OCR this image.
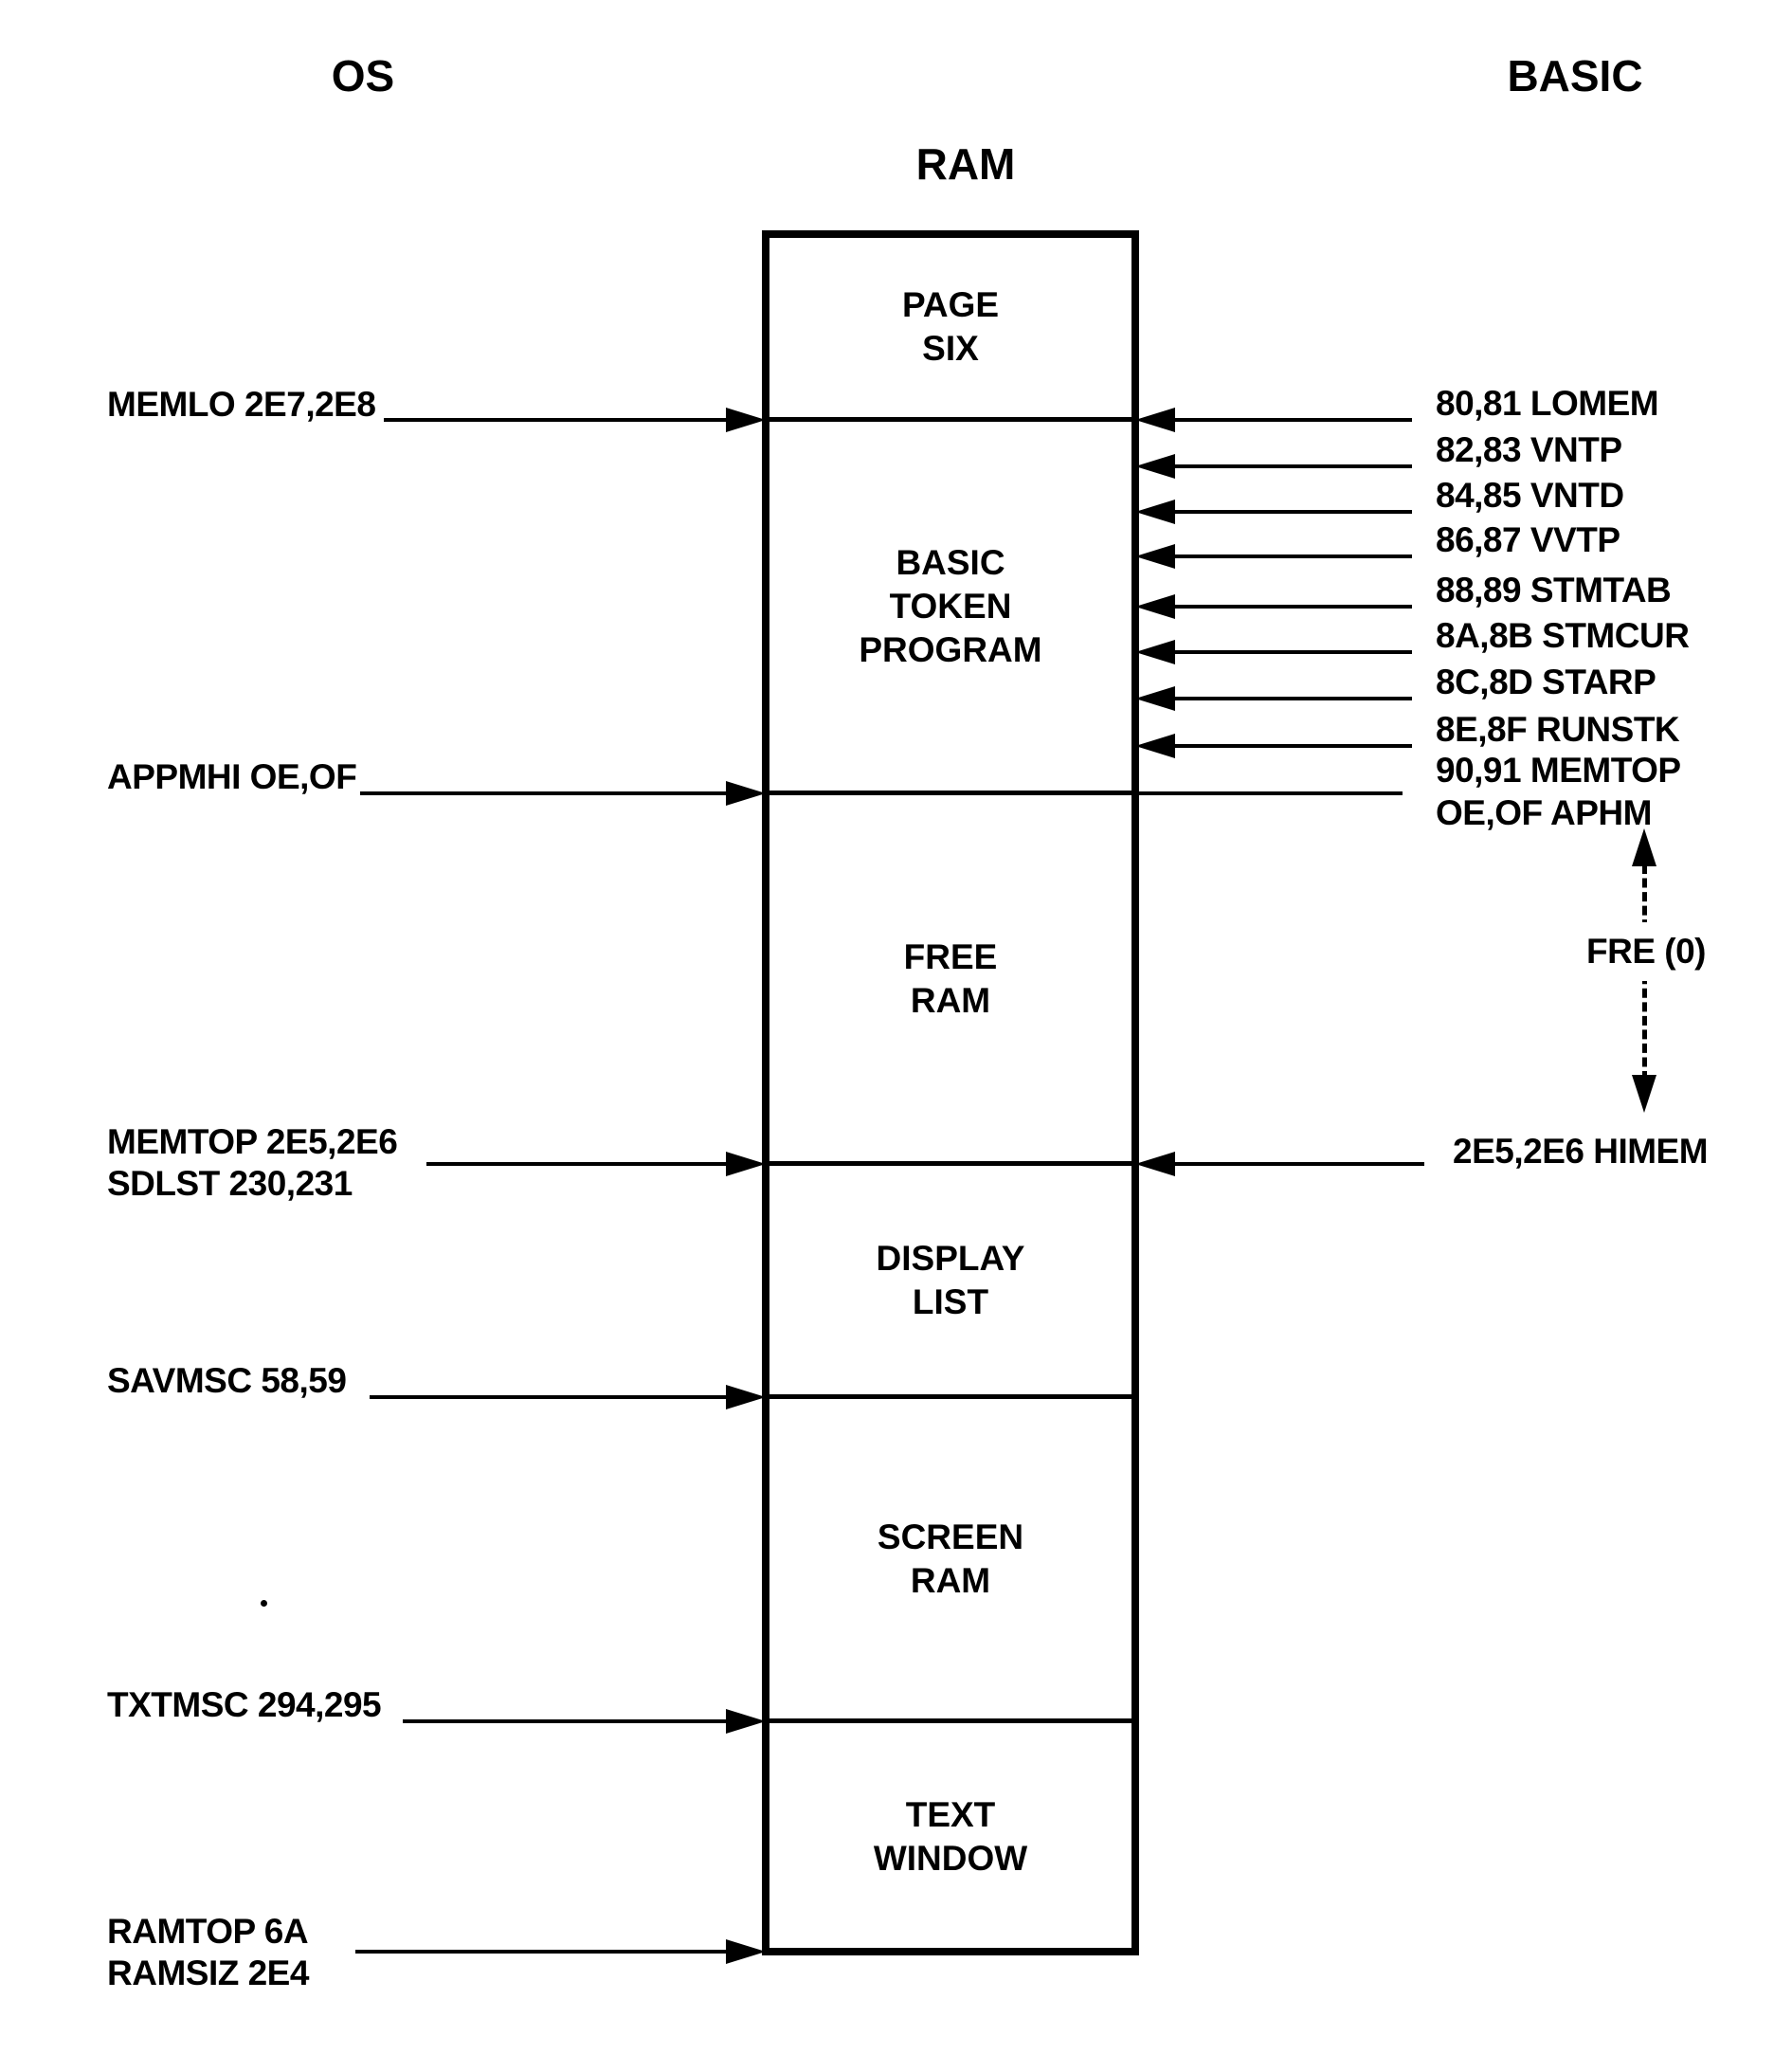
OS
RAM
BASIC
PAGE
SIX
BASIC
TOKEN
PROGRAM
FREE
RAM
DISPLAY
LIST
SCREEN
RAM
TEXT
WINDOW
MEMLO 2E7,2E8
APPMHI OE,OF
MEMTOP 2E5,2E6
SDLST 230,231
SAVMSC 58,59
TXTMSC 294,295
RAMTOP 6A
RAMSIZ 2E4
80,81 LOMEM
82,83 VNTP
84,85 VNTD
86,87 VVTP
88,89 STMTAB
8A,8B STMCUR
8C,8D STARP
8E,8F RUNSTK
90,91 MEMTOP
OE,OF APHM
2E5,2E6 HIMEM
FRE (0)
